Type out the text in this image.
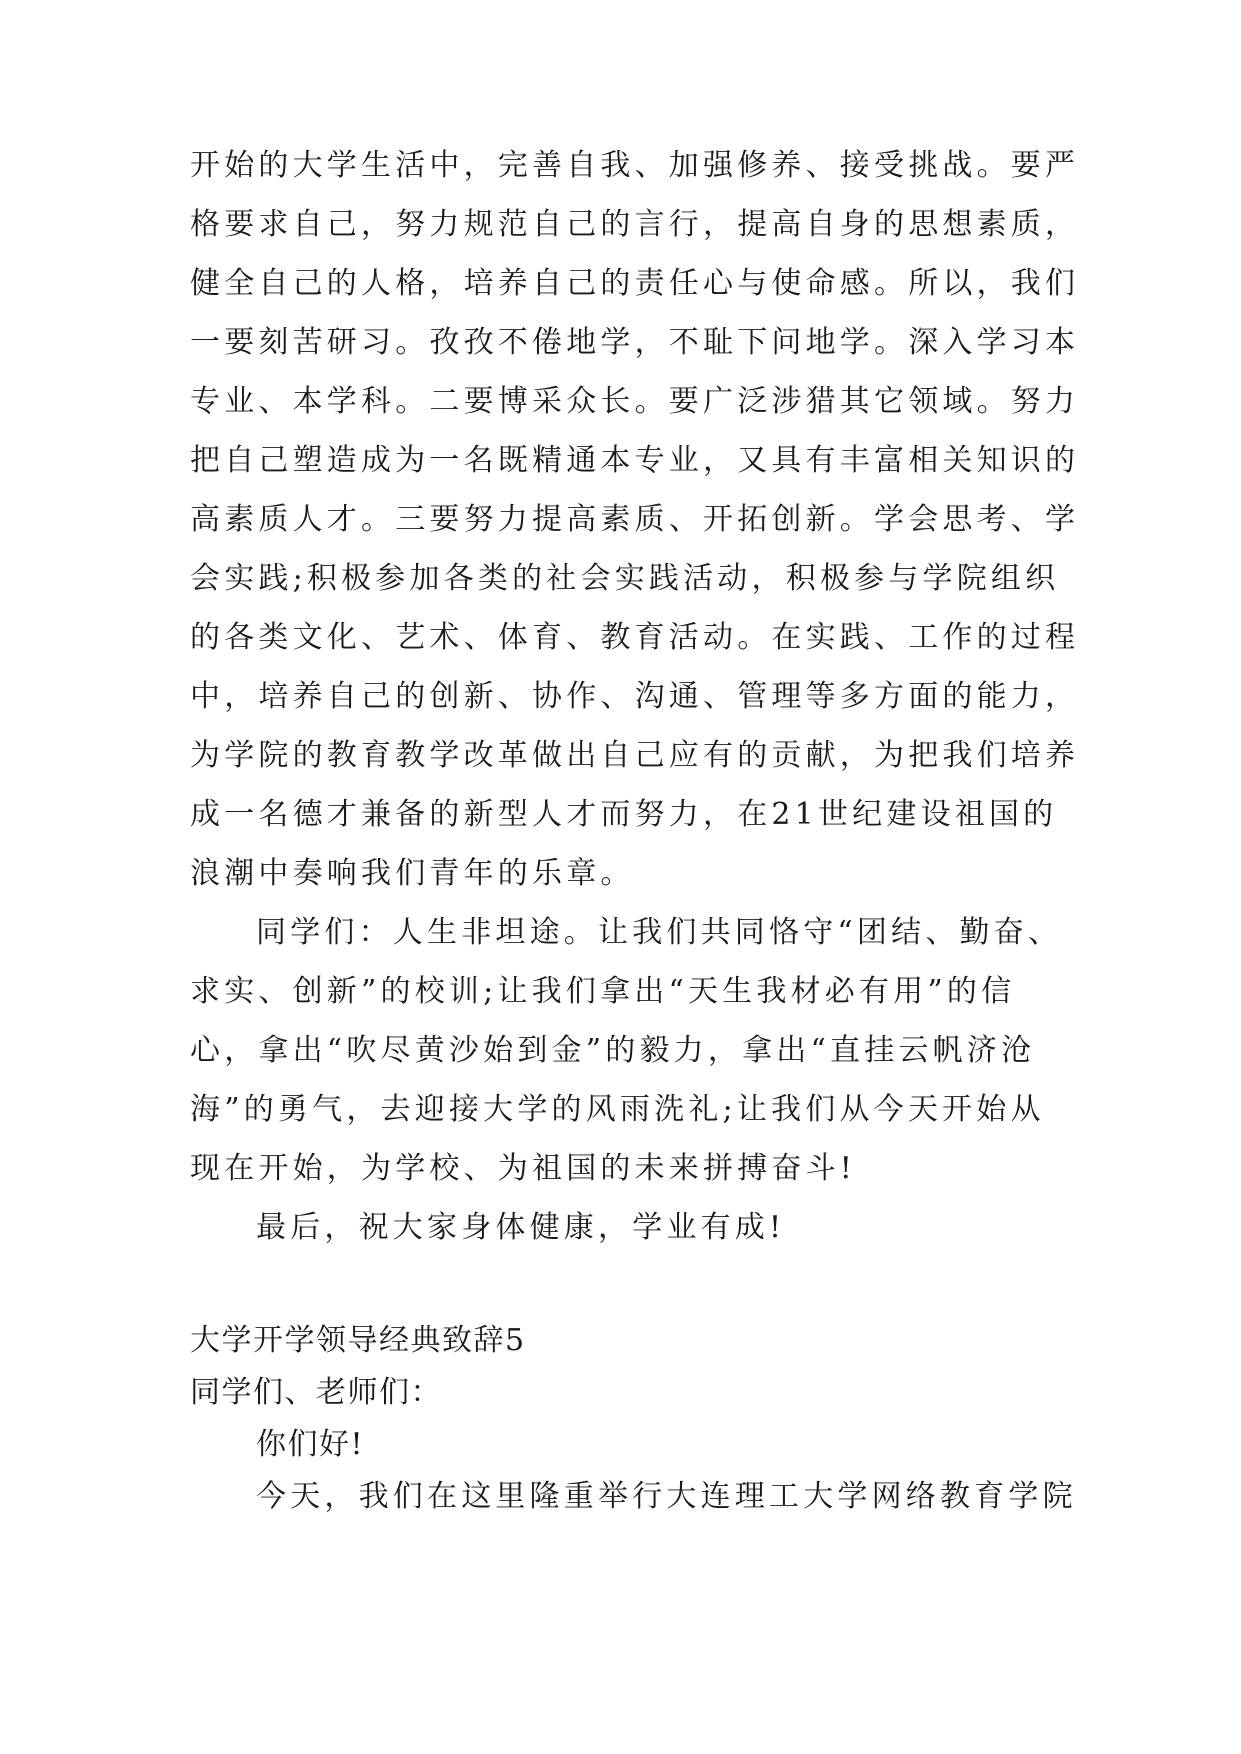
开始的大学生活中，完善自我、加强修养、接受挑战。要严
格要求自己，努力规范自己的言行，提高自身的思想素质，
健全自己的人格，培养自己的责任心与使命感。所以，我们
一要刻苦研习。孜孜不倦地学，不耻下问地学。深入学习本
专业、本学科。二要博采众长。要广泛涉猎其它领域。努力
把自己塑造成为一名既精通本专业，又具有丰富相关知识的
高素质人才。三要努力提高素质、开拓创新。学会思考、学
会实践;积极参加各类的社会实践活动，积极参与学院组织
的各类文化、艺术、体育、教育活动。在实践、工作的过程
中，培养自己的创新、协作、沟通、管理等多方面的能力，
为学院的教育教学改革做出自己应有的贡献，为把我们培养
成一名德才兼备的新型人才而努力，在21世纪建设祖国的
浪潮中奏响我们青年的乐章。
同学们：人生非坦途。让我们共同恪守“团结、勤奋、
求实、创新”的校训;让我们拿出“天生我材必有用”的信
心，拿出“吹尽黄沙始到金”的毅力，拿出“直挂云帆济沧
海”的勇气，去迎接大学的风雨洗礼;让我们从今天开始从
现在开始，为学校、为祖国的未来拼搏奋斗!
最后，祝大家身体健康，学业有成!
大学开学领导经典致辞5
同学们、老师们：
你们好!
今天，我们在这里隆重举行大连理工大学网络教育学院
